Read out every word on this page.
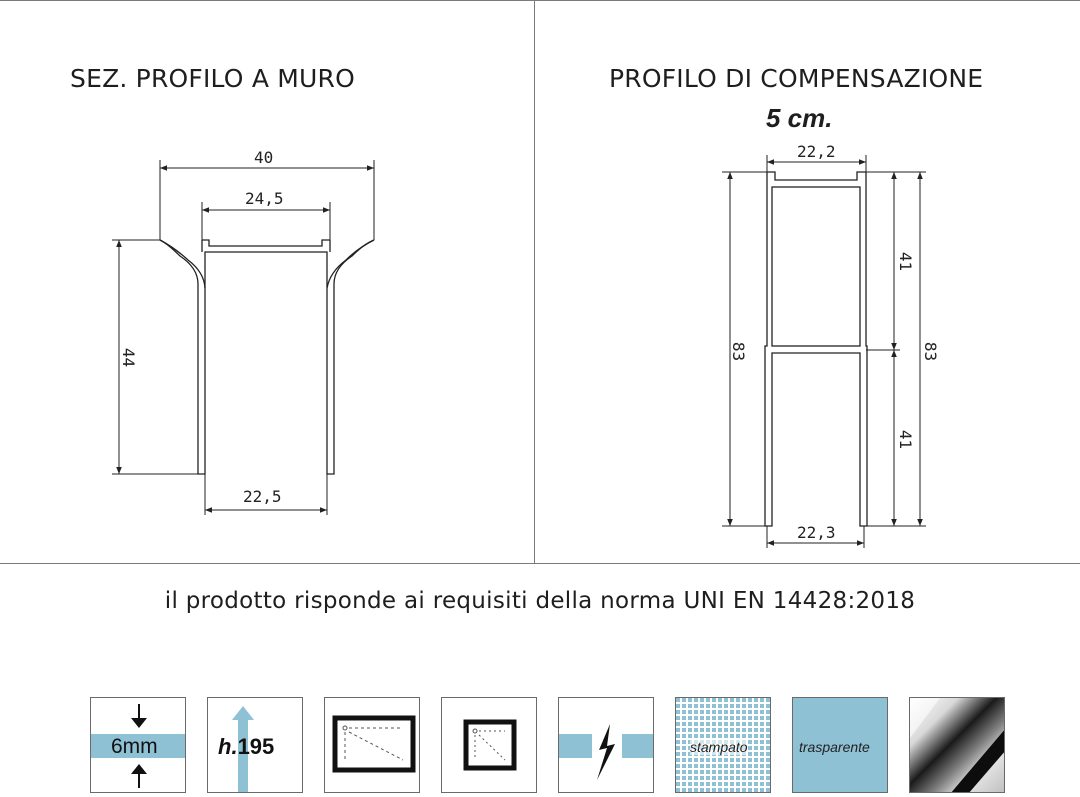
SEZ. PROFILO A MURO	PROFILO DI COMPENSAZIONE
5 cm.
40
24,5
44
22,5
22,2
83	83
41
41
22,3
il prodotto risponde ai requisiti della norma UNI EN 14428:2018
6mm	h.195	stampato	trasparente
